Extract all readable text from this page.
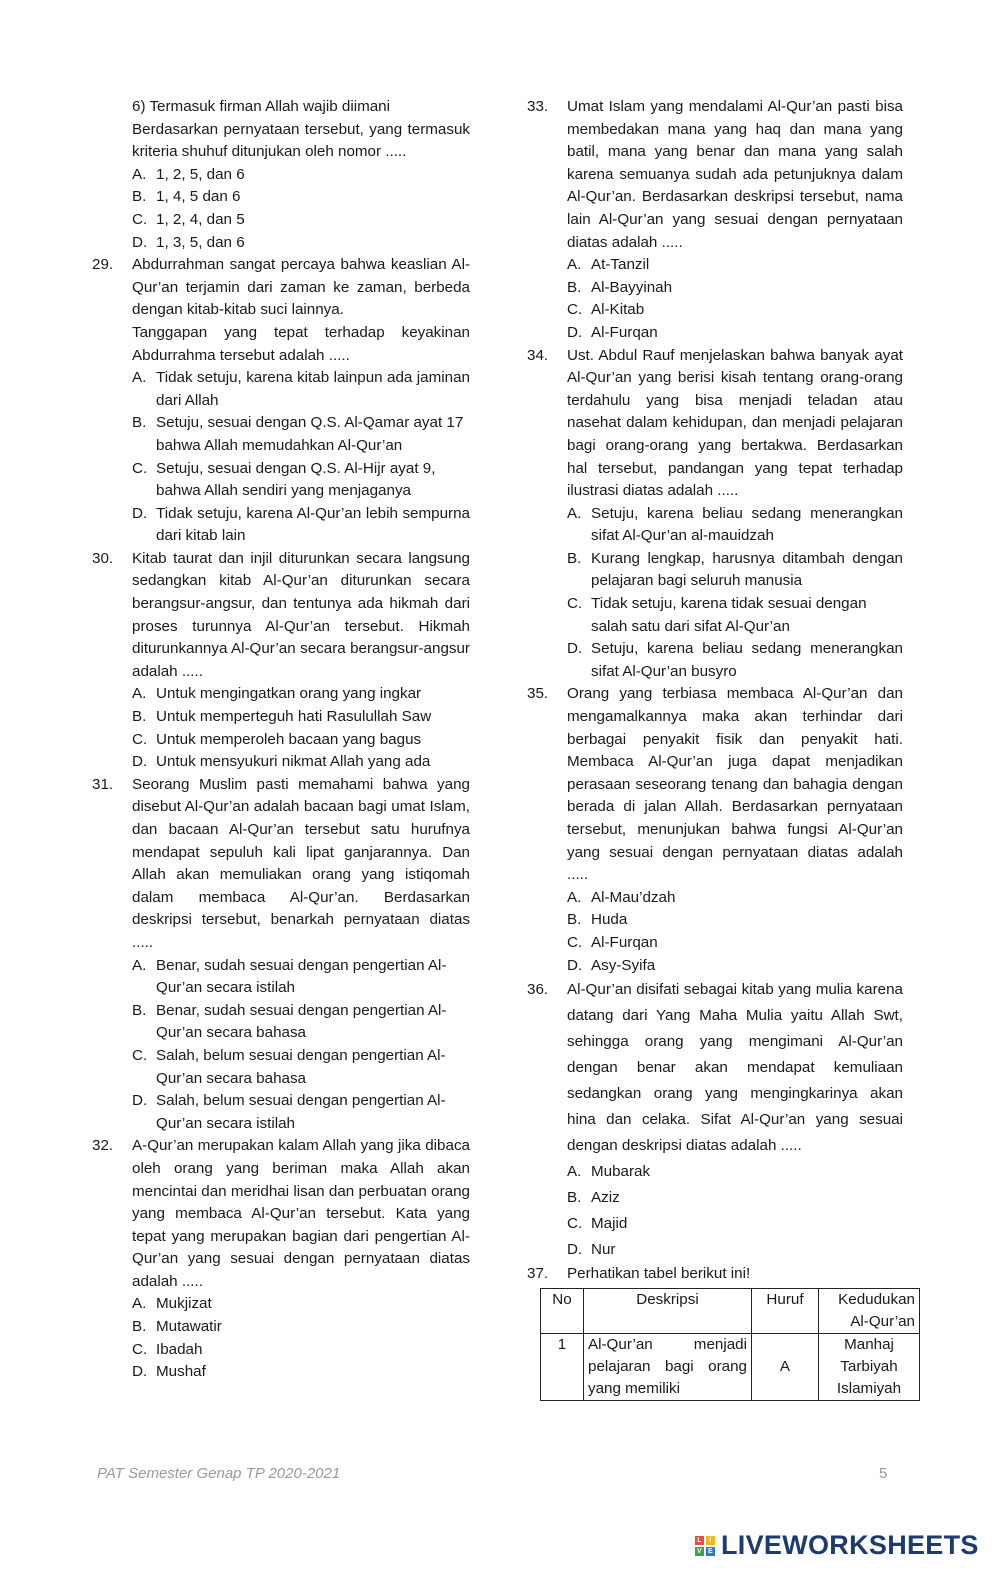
6) Termasuk firman Allah wajib diimani
Berdasarkan pernyataan tersebut, yang termasuk kriteria shuhuf ditunjukan oleh nomor .....
A. 1, 2, 5, dan 6
B. 1, 4, 5 dan 6
C. 1, 2, 4, dan 5
D. 1, 3, 5, dan 6
29.	Abdurrahman sangat percaya bahwa keaslian Al-Qur’an terjamin dari zaman ke zaman, berbeda dengan kitab-kitab suci lainnya.
Tanggapan yang tepat terhadap keyakinan Abdurrahma tersebut adalah .....
A. Tidak setuju, karena kitab lainpun ada jaminan dari Allah
B. Setuju, sesuai dengan Q.S. Al-Qamar ayat 17 bahwa Allah memudahkan Al-Qur’an
C. Setuju, sesuai dengan Q.S. Al-Hijr ayat 9, bahwa Allah sendiri yang menjaganya
D. Tidak setuju, karena Al-Qur’an lebih sempurna dari kitab lain
30.	Kitab taurat dan injil diturunkan secara langsung sedangkan kitab Al-Qur’an diturunkan secara berangsur-angsur, dan tentunya ada hikmah dari proses turunnya Al-Qur’an tersebut. Hikmah diturunkannya Al-Qur’an secara berangsur-angsur adalah .....
A. Untuk mengingatkan orang yang ingkar
B. Untuk memperteguh hati Rasulullah Saw
C. Untuk memperoleh bacaan yang bagus
D. Untuk mensyukuri nikmat Allah yang ada
31.	Seorang Muslim pasti memahami bahwa yang disebut Al-Qur’an adalah bacaan bagi umat Islam, dan bacaan Al-Qur’an tersebut satu hurufnya mendapat sepuluh kali lipat ganjarannya. Dan Allah akan memuliakan orang yang istiqomah dalam membaca Al-Qur’an. Berdasarkan deskripsi tersebut, benarkah pernyataan diatas .....
A. Benar, sudah sesuai dengan pengertian Al-Qur’an secara istilah
B. Benar, sudah sesuai dengan pengertian Al-Qur’an secara bahasa
C. Salah, belum sesuai dengan pengertian Al-Qur’an secara bahasa
D. Salah, belum sesuai dengan pengertian Al-Qur’an secara istilah
32.	A-Qur’an merupakan kalam Allah yang jika dibaca oleh orang yang beriman maka Allah akan mencintai dan meridhai lisan dan perbuatan orang yang membaca Al-Qur’an tersebut. Kata yang tepat yang merupakan bagian dari pengertian Al-Qur’an yang sesuai dengan pernyataan diatas adalah .....
A. Mukjizat
B. Mutawatir
C. Ibadah
D. Mushaf
33.	Umat Islam yang mendalami Al-Qur’an pasti bisa membedakan mana yang haq dan mana yang batil, mana yang benar dan mana yang salah karena semuanya sudah ada petunjuknya dalam Al-Qur’an. Berdasarkan deskripsi tersebut, nama lain Al-Qur’an yang sesuai dengan pernyataan diatas adalah .....
A. At-Tanzil
B. Al-Bayyinah
C. Al-Kitab
D. Al-Furqan
34.	Ust. Abdul Rauf menjelaskan bahwa banyak ayat Al-Qur’an yang berisi kisah tentang orang-orang terdahulu yang bisa menjadi teladan atau nasehat dalam kehidupan, dan menjadi pelajaran bagi orang-orang yang bertakwa. Berdasarkan hal tersebut, pandangan yang tepat terhadap ilustrasi diatas adalah .....
A. Setuju, karena beliau sedang menerangkan sifat Al-Qur’an al-mauidzah
B. Kurang lengkap, harusnya ditambah dengan pelajaran bagi seluruh manusia
C. Tidak setuju, karena tidak sesuai dengan salah satu dari sifat Al-Qur’an
D. Setuju, karena beliau sedang menerangkan sifat Al-Qur’an busyro
35.	Orang yang terbiasa membaca Al-Qur’an dan mengamalkannya maka akan terhindar dari berbagai penyakit fisik dan penyakit hati. Membaca Al-Qur’an juga dapat menjadikan perasaan seseorang tenang dan bahagia dengan berada di jalan Allah. Berdasarkan pernyataan tersebut, menunjukan bahwa fungsi Al-Qur’an yang sesuai dengan pernyataan diatas adalah .....
A. Al-Mau’dzah
B. Huda
C. Al-Furqan
D. Asy-Syifa
36.	Al-Qur’an disifati sebagai kitab yang mulia karena datang dari Yang Maha Mulia yaitu Allah Swt, sehingga orang yang mengimani Al-Qur’an dengan benar akan mendapat kemuliaan sedangkan orang yang mengingkarinya akan hina dan celaka. Sifat Al-Qur’an yang sesuai dengan deskripsi diatas adalah .....
A. Mubarak
B. Aziz
C. Majid
D. Nur
37.	Perhatikan tabel berikut ini!
No	Deskripsi	Huruf	Kedudukan Al-Qur’an
1	Al-Qur’an menjadi pelajaran bagi orang yang memiliki	A	Manhaj Tarbiyah Islamiyah
PAT Semester Genap TP 2020-2021	5
L	I
V E LIVEWORKSHEETS
